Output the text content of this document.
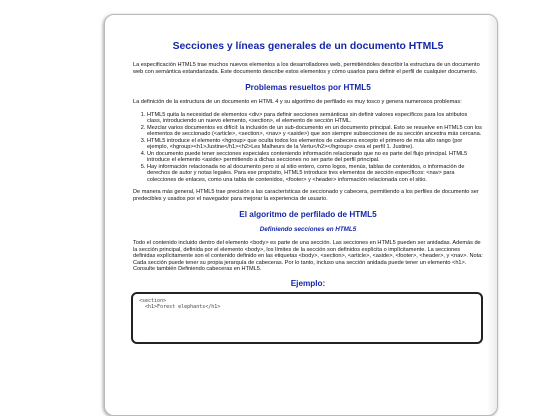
Secciones y líneas generales de un documento HTML5

La especificación HTML5 trae muchos nuevos elementos a los desarrolladores web, permitiéndoles describir la estructura de un documento web con semántica estandarizada. Este documento describe estos elementos y cómo usarlos para definir el perfil de cualquier documento.

Problemas resueltos por HTML5

La definición de la estructura de un documento en HTML 4 y su algoritmo de perfilado es muy tosco y genera numerosos problemas:

1. HTML5 quita la necesidad de elementos <div> para definir secciones semánticas sin definir valores específicos para los atributos class, introduciendo un nuevo elemento, <section>, el elemento de sección HTML.
2. Mezclar varios documentos es difícil: la inclusión de un sub-documento en un documento principal. Esto se resuelve en HTML5 con los elementos de seccionado (<article>, <section>, <nav> y <aside>) que son siempre subsecciones de su sección ancestra más cercana.
3. HTML5 introduce el elemento <hgroup> que oculta todos los elementos de cabecera excepto el primero de más alto rango (por ejemplo, <hgroup><h1>Justine</h1><h2>Les Malheurs de la Vertu</h2></hgroup> crea el perfil 1. Justine).
4. Un documento puede tener secciones especiales conteniendo información relacionado que no es parte del flujo principal. HTML5 introduce el elemento <aside> permitiendo a dichas secciones no ser parte del perfil principal.
5. Hay información relacionada no al documento pero si al sitio entero, como logos, menús, tablas de contenidos, o información de derechos de autor y notas legales. Para ese propósito, HTML5 introduce tres elementos de sección específicos: <nav> para colecciones de enlaces, como una tabla de contenidos, <footer> y <header> información relacionada con el sitio.

De manera más general, HTML5 trae precisión a las características de seccionado y cabecera, permitiendo a los perfiles de documento ser predecibles y usados por el navegador para mejorar la experiencia de usuario.

El algoritmo de perfilado de HTML5
Definiendo secciones en HTML5

Todo el contenido incluido dentro del elemento <body> es parte de una sección. Las secciones en HTML5 pueden ser anidadas. Además de la sección principal, definida por el elemento <body>, los límites de la sección son definidos explícita o implícitamente. La secciones definidas explícitamente son el contenido definido en las etiquetas <body>, <section>, <article>, <aside>, <footer>, <header>, y <nav>. Nota: Cada sección puede tener su propia jerarquía de cabeceras. Por lo tanto, incluso una sección anidada puede tener un elemento <h1>. Consulte también Definiendo cabeceras en HTML5.

Ejemplo:
<section>
<h1>Forest elephants</h1>
